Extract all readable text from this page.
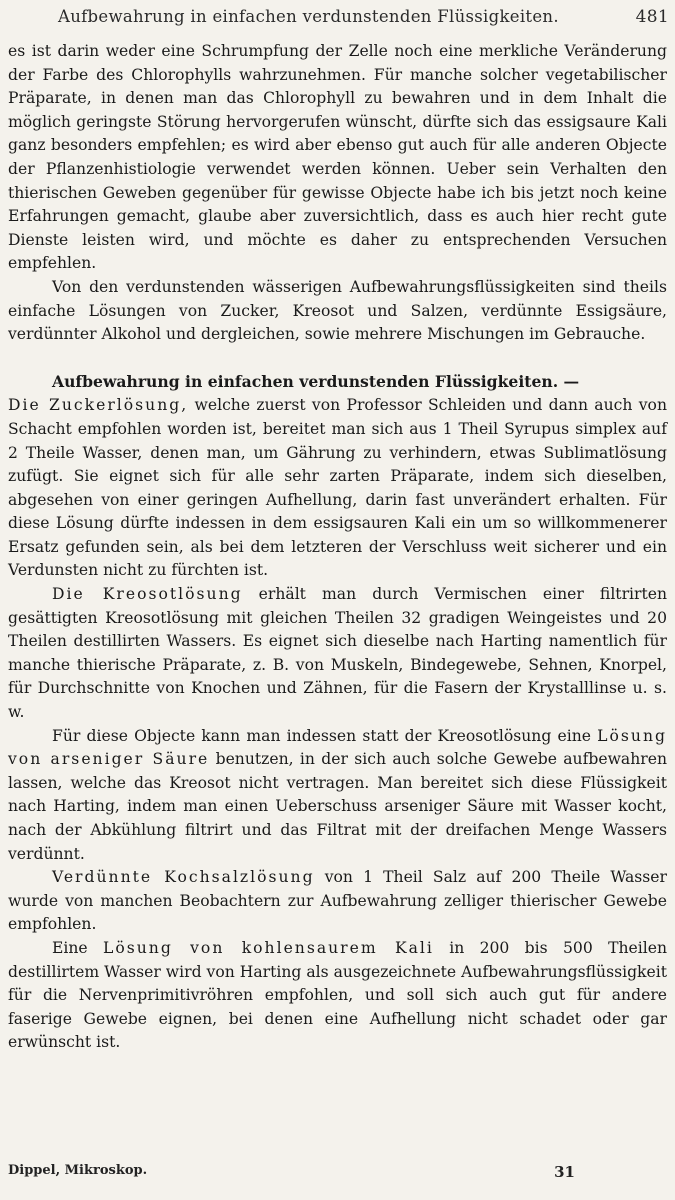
Aufbewahrung in einfachen verdunstenden Flüssigkeiten.	481

es ist darin weder eine Schrumpfung der Zelle noch eine merkliche Veränderung der Farbe des Chlorophylls wahrzunehmen. Für manche solcher vegetabilischer Präparate, in denen man das Chlorophyll zu bewahren und in dem Inhalt die möglich geringste Störung hervorgerufen wünscht, dürfte sich das essigsaure Kali ganz besonders empfehlen; es wird aber ebenso gut auch für alle anderen Objecte der Pflanzenhistiologie verwendet werden können. Ueber sein Verhalten den thierischen Geweben gegenüber für gewisse Objecte habe ich bis jetzt noch keine Erfahrungen gemacht, glaube aber zuversichtlich, dass es auch hier recht gute Dienste leisten wird, und möchte es daher zu entsprechenden Versuchen empfehlen.

Von den verdunstenden wässerigen Aufbewahrungsflüssigkeiten sind theils einfache Lösungen von Zucker, Kreosot und Salzen, verdünnte Essigsäure, verdünnter Alkohol und dergleichen, sowie mehrere Mischungen im Gebrauche.

Aufbewahrung in einfachen verdunstenden Flüssigkeiten. —
Die Zuckerlösung, welche zuerst von Professor Schleiden und dann auch von Schacht empfohlen worden ist, bereitet man sich aus 1 Theil Syrupus simplex auf 2 Theile Wasser, denen man, um Gährung zu verhindern, etwas Sublimatlösung zufügt. Sie eignet sich für alle sehr zarten Präparate, indem sich dieselben, abgesehen von einer geringen Aufhellung, darin fast unverändert erhalten. Für diese Lösung dürfte indessen in dem essigsauren Kali ein um so willkommenerer Ersatz gefunden sein, als bei dem letzteren der Verschluss weit sicherer und ein Verdunsten nicht zu fürchten ist.

Die Kreosotlösung erhält man durch Vermischen einer filtrirten gesättigten Kreosotlösung mit gleichen Theilen 32 gradigen Weingeistes und 20 Theilen destillirten Wassers. Es eignet sich dieselbe nach Harting namentlich für manche thierische Präparate, z. B. von Muskeln, Bindegewebe, Sehnen, Knorpel, für Durchschnitte von Knochen und Zähnen, für die Fasern der Krystalllinse u. s. w.

Für diese Objecte kann man indessen statt der Kreosotlösung eine Lösung von arseniger Säure benutzen, in der sich auch solche Gewebe aufbewahren lassen, welche das Kreosot nicht vertragen. Man bereitet sich diese Flüssigkeit nach Harting, indem man einen Ueberschuss arseniger Säure mit Wasser kocht, nach der Abkühlung filtrirt und das Filtrat mit der dreifachen Menge Wassers verdünnt.

Verdünnte Kochsalzlösung von 1 Theil Salz auf 200 Theile Wasser wurde von manchen Beobachtern zur Aufbewahrung zelliger thierischer Gewebe empfohlen.

Eine Lösung von kohlensaurem Kali in 200 bis 500 Theilen destillirtem Wasser wird von Harting als ausgezeichnete Aufbewahrungsflüssigkeit für die Nervenprimitivröhren empfohlen, und soll sich auch gut für andere faserige Gewebe eignen, bei denen eine Aufhellung nicht schadet oder gar erwünscht ist.

Dippel, Mikroskop.	31
